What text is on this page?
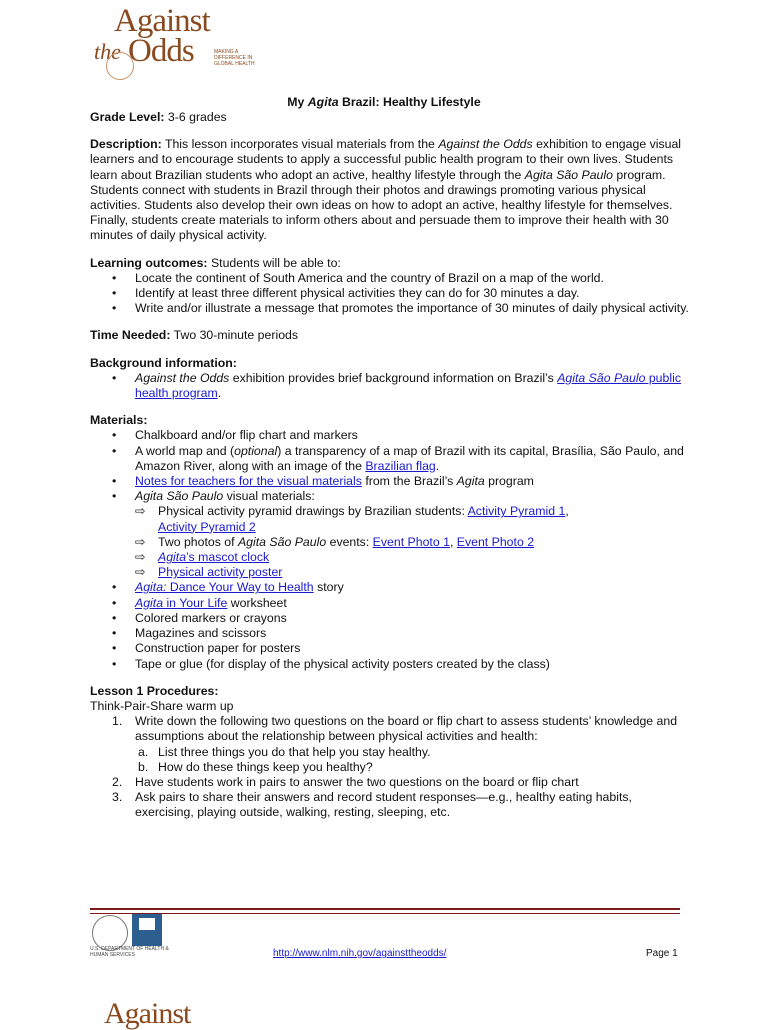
Against
the Odds	MAKING A DIFFERENCE IN GLOBAL HEALTH
My Agita Brazil: Healthy Lifestyle

Grade Level: 3-6 grades

Description: This lesson incorporates visual materials from the Against the Odds exhibition to engage visual learners and to encourage students to apply a successful public health program to their own lives. Students learn about Brazilian students who adopt an active, healthy lifestyle through the Agita São Paulo program. Students connect with students in Brazil through their photos and drawings promoting various physical activities. Students also develop their own ideas on how to adopt an active, healthy lifestyle for themselves. Finally, students create materials to inform others about and persuade them to improve their health with 30 minutes of daily physical activity.

Learning outcomes: Students will be able to:

• Locate the continent of South America and the country of Brazil on a map of the world.
• Identify at least three different physical activities they can do for 30 minutes a day.
• Write and/or illustrate a message that promotes the importance of 30 minutes of daily physical activity.

Time Needed: Two 30-minute periods

Background information:

• Against the Odds exhibition provides brief background information on Brazil’s Agita São Paulo public health program.

Materials:

• Chalkboard and/or flip chart and markers
• A world map and (optional) a transparency of a map of Brazil with its capital, Brasília, São Paulo, and Amazon River, along with an image of the Brazilian flag.
• Notes for teachers for the visual materials from the Brazil’s Agita program
• Agita São Paulo visual materials:
⇨ Physical activity pyramid drawings by Brazilian students: Activity Pyramid 1,
Activity Pyramid 2
⇨ Two photos of Agita São Paulo events: Event Photo 1, Event Photo 2
⇨ Agita’s mascot clock
⇨ Physical activity poster
• Agita: Dance Your Way to Health story
• Agita in Your Life worksheet
• Colored markers or crayons
• Magazines and scissors
• Construction paper for posters
• Tape or glue (for display of the physical activity posters created by the class)

Lesson 1 Procedures:

Think-Pair-Share warm up

1. Write down the following two questions on the board or flip chart to assess students’ knowledge and assumptions about the relationship between physical activities and health:
a. List three things you do that help you stay healthy.
b. How do these things keep you healthy?
2. Have students work in pairs to answer the two questions on the board or flip chart
3. Ask pairs to share their answers and record student responses—e.g., healthy eating habits, exercising, playing outside, walking, resting, sleeping, etc.
U.S. DEPARTMENT OF HEALTH & HUMAN SERVICES	http://www.nlm.nih.gov/againsttheodds/	Page 1
Against
